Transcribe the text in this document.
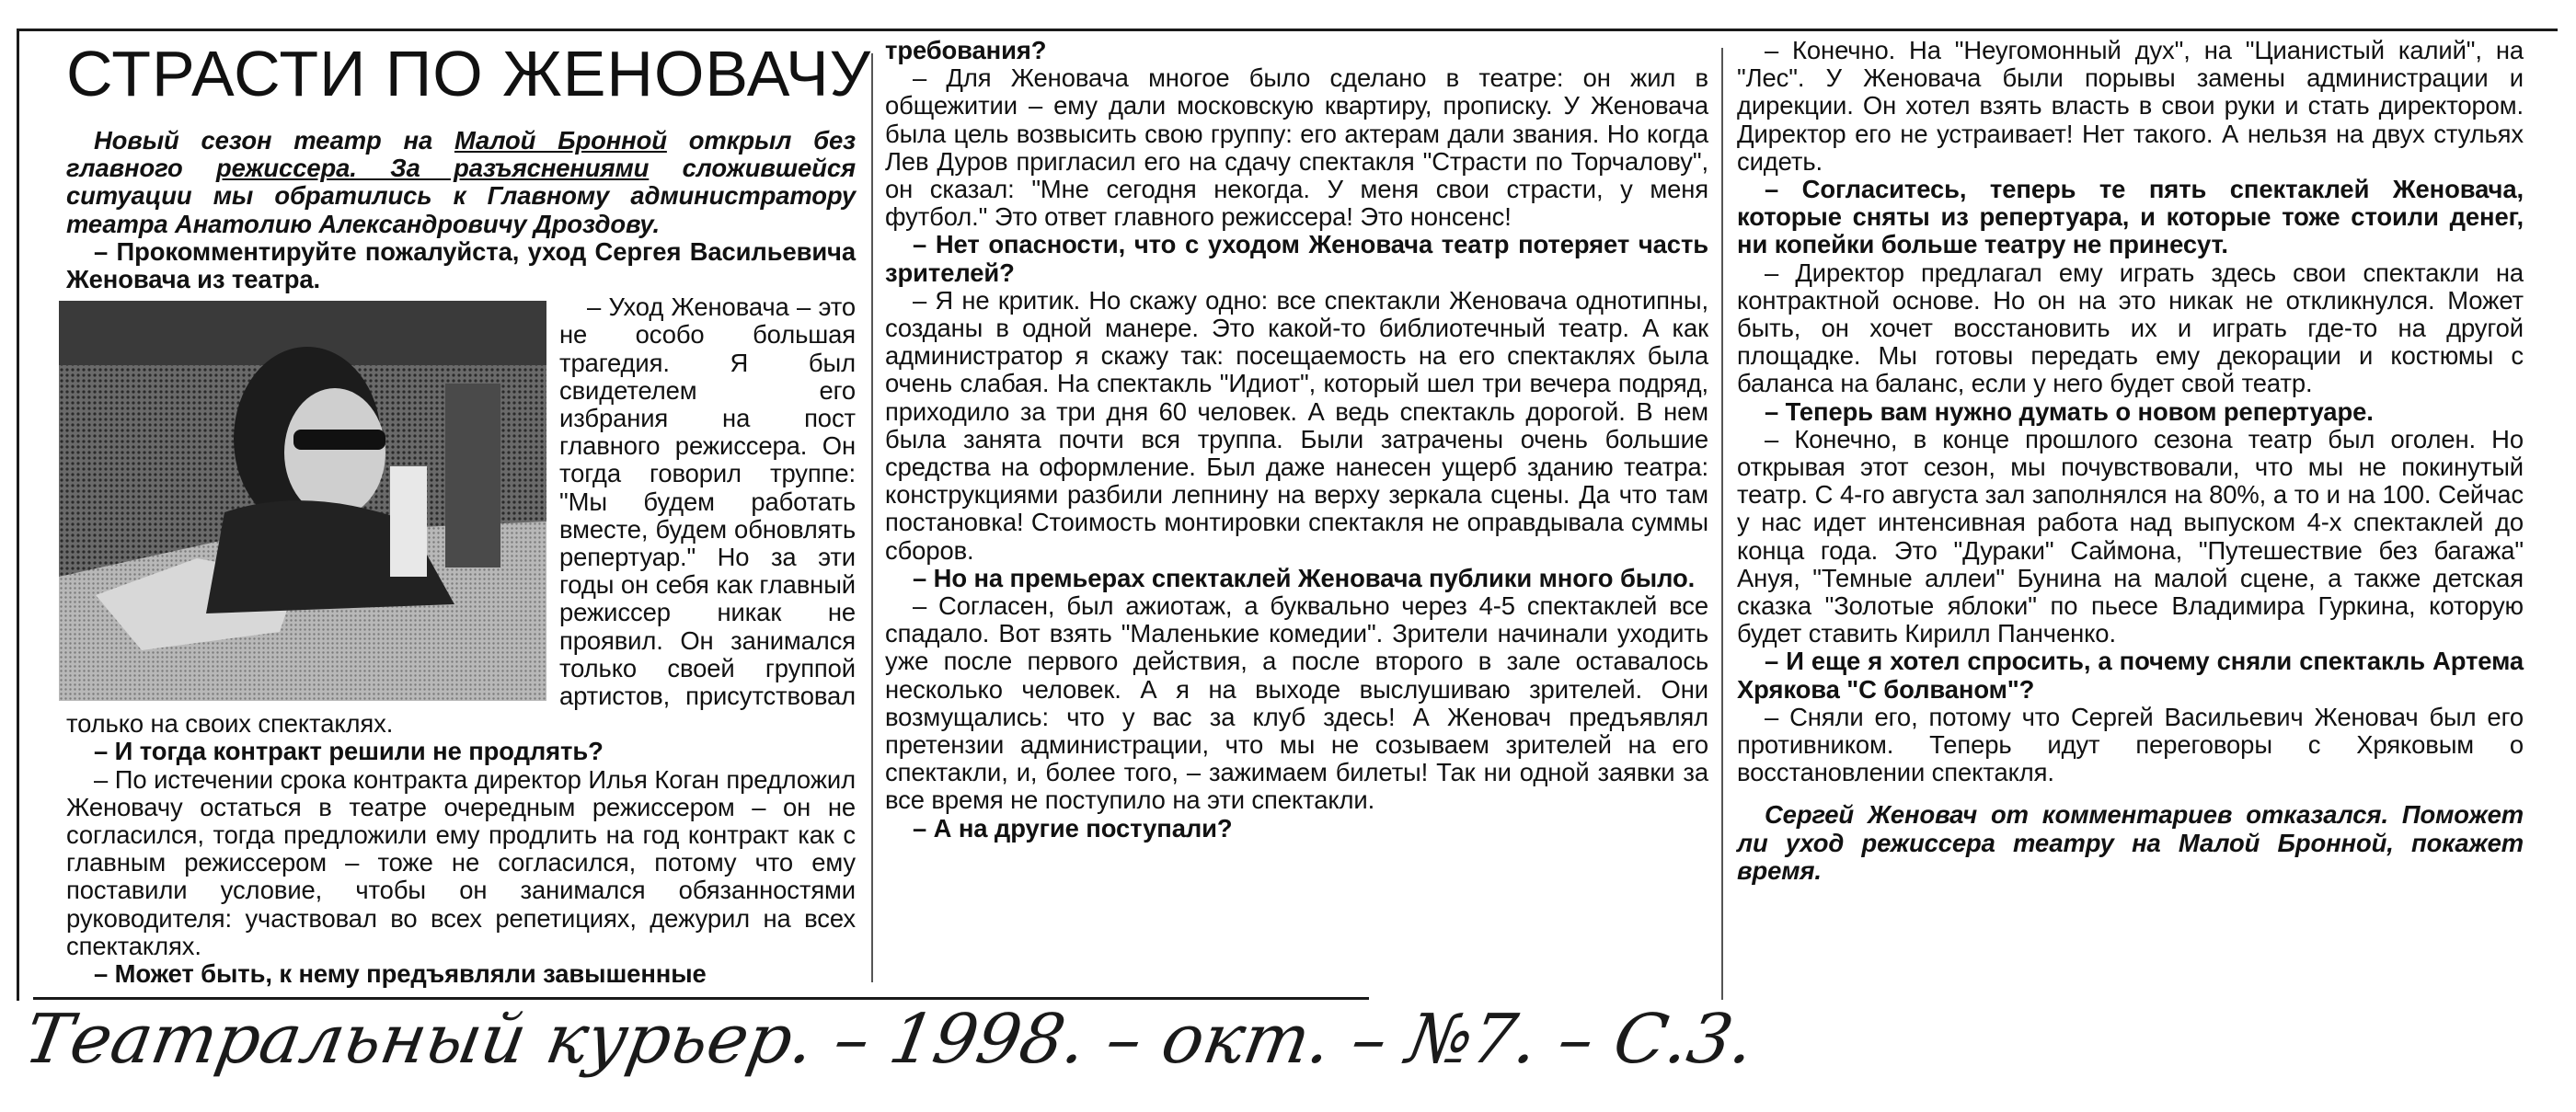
СТРАСТИ ПО ЖЕНОВАЧУ

Новый сезон театр на Малой Бронной открыл без главного режиссера. За разъяснениями сложившейся ситуации мы обратились к Главному администратору театра Анатолию Александровичу Дроздову.

– Прокомментируйте пожалуйста, уход Сергея Васильевича Женовача из театра.

– Уход Женовача – это не особо большая трагедия. Я был свидетелем его избрания на пост главного режиссера. Он тогда говорил труппе: "Мы будем работать вместе, будем обновлять репертуар." Но за эти годы он себя как главный режиссер никак не проявил. Он занимался только своей группой артистов, присутствовал только на своих спектаклях.

– И тогда контракт решили не продлять?

– По истечении срока контракта директор Илья Коган предложил Женовачу остаться в театре очередным режиссером – он не согласился, тогда предложили ему продлить на год контракт как с главным режиссером – тоже не согласился, потому что ему поставили условие, чтобы он занимался обязанностями руководителя: участвовал во всех репетициях, дежурил на всех спектаклях.

– Может быть, к нему предъявляли завышенные

требования?

– Для Женовача многое было сделано в театре: он жил в общежитии – ему дали московскую квартиру, прописку. У Женовача была цель возвысить свою группу: его актерам дали звания. Но когда Лев Дуров пригласил его на сдачу спектакля "Страсти по Торчалову", он сказал: "Мне сегодня некогда. У меня свои страсти, у меня футбол." Это ответ главного режиссера! Это нонсенс!

– Нет опасности, что с уходом Женовача театр потеряет часть зрителей?

– Я не критик. Но скажу одно: все спектакли Женовача однотипны, созданы в одной манере. Это какой-то библиотечный театр. А как администратор я скажу так: посещаемость на его спектаклях была очень слабая. На спектакль "Идиот", который шел три вечера подряд, приходило за три дня 60 человек. А ведь спектакль дорогой. В нем была занята почти вся труппа. Были затрачены очень большие средства на оформление. Был даже нанесен ущерб зданию театра: конструкциями разбили лепнину на верху зеркала сцены. Да что там постановка! Стоимость монтировки спектакля не оправдывала суммы сборов.

– Но на премьерах спектаклей Женовача публики много было.

– Согласен, был ажиотаж, а буквально через 4-5 спектаклей все спадало. Вот взять "Маленькие комедии". Зрители начинали уходить уже после первого действия, а после второго в зале оставалось несколько человек. А я на выходе выслушиваю зрителей. Они возмущались: что у вас за клуб здесь! А Женовач предъявлял претензии администрации, что мы не созываем зрителей на его спектакли, и, более того, – зажимаем билеты! Так ни одной заявки за все время не поступило на эти спектакли.

– А на другие поступали?

– Конечно. На "Неугомонный дух", на "Цианистый калий", на "Лес". У Женовача были порывы замены администрации и дирекции. Он хотел взять власть в свои руки и стать директором. Директор его не устраивает! Нет такого. А нельзя на двух стульях сидеть.

– Согласитесь, теперь те пять спектаклей Женовача, которые сняты из репертуара, и которые тоже стоили денег, ни копейки больше театру не принесут.

– Директор предлагал ему играть здесь свои спектакли на контрактной основе. Но он на это никак не откликнулся. Может быть, он хочет восстановить их и играть где-то на другой площадке. Мы готовы передать ему декорации и костюмы с баланса на баланс, если у него будет свой театр.

– Теперь вам нужно думать о новом репертуаре.

– Конечно, в конце прошлого сезона театр был оголен. Но открывая этот сезон, мы почувствовали, что мы не покинутый театр. С 4-го августа зал заполнялся на 80%, а то и на 100. Сейчас у нас идет интенсивная работа над выпуском 4-х спектаклей до конца года. Это "Дураки" Саймона, "Путешествие без багажа" Ануя, "Темные аллеи" Бунина на малой сцене, а также детская сказка "Золотые яблоки" по пьесе Владимира Гуркина, которую будет ставить Кирилл Панченко.

– И еще я хотел спросить, а почему сняли спектакль Артема Хрякова "С болваном"?

– Сняли его, потому что Сергей Васильевич Женовач был его противником. Теперь идут переговоры с Хряковым о восстановлении спектакля.

Сергей Женовач от комментариев отказался. Поможет ли уход режиссера театру на Малой Бронной, покажет время.

Театральный курьер. – 1998. – окт. – №7. – С.3.
